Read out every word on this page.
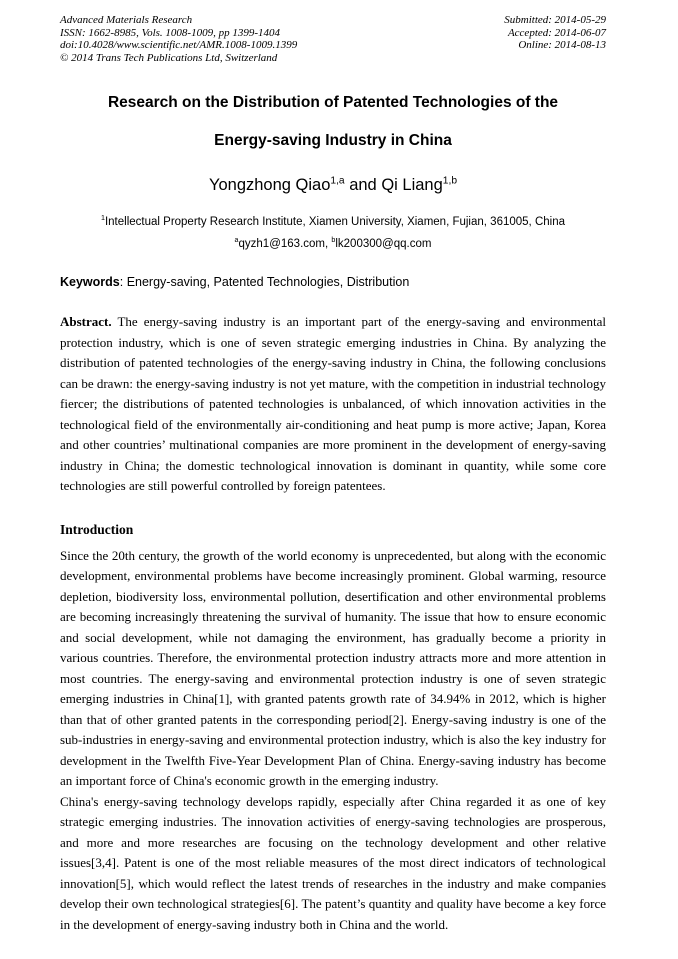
Advanced Materials Research
ISSN: 1662-8985, Vols. 1008-1009, pp 1399-1404
doi:10.4028/www.scientific.net/AMR.1008-1009.1399
© 2014 Trans Tech Publications Ltd, Switzerland
Submitted: 2014-05-29
Accepted: 2014-06-07
Online: 2014-08-13
Research on the Distribution of Patented Technologies of the
Energy-saving Industry in China
Yongzhong Qiao$^{1,a}$ and Qi Liang$^{1,b}$
$^1$Intellectual Property Research Institute, Xiamen University, Xiamen, Fujian, 361005, China
$^a$qyzh1@163.com, $^b$lk200300@qq.com
Keywords: Energy-saving, Patented Technologies, Distribution

Abstract. The energy-saving industry is an important part of the energy-saving and environmental protection industry, which is one of seven strategic emerging industries in China. By analyzing the distribution of patented technologies of the energy-saving industry in China, the following conclusions can be drawn: the energy-saving industry is not yet mature, with the competition in industrial technology fiercer; the distributions of patented technologies is unbalanced, of which innovation activities in the technological field of the environmentally air-conditioning and heat pump is more active; Japan, Korea and other countries’ multinational companies are more prominent in the development of energy-saving industry in China; the domestic technological innovation is dominant in quantity, while some core technologies are still powerful controlled by foreign patentees.

Introduction

Since the 20th century, the growth of the world economy is unprecedented, but along with the economic development, environmental problems have become increasingly prominent. Global warming, resource depletion, biodiversity loss, environmental pollution, desertification and other environmental problems are becoming increasingly threatening the survival of humanity. The issue that how to ensure economic and social development, while not damaging the environment, has gradually become a priority in various countries. Therefore, the environmental protection industry attracts more and more attention in most countries. The energy-saving and environmental protection industry is one of seven strategic emerging industries in China[1], with granted patents growth rate of 34.94% in 2012, which is higher than that of other granted patents in the corresponding period[2]. Energy-saving industry is one of the sub-industries in energy-saving and environmental protection industry, which is also the key industry for development in the Twelfth Five-Year Development Plan of China. Energy-saving industry has become an important force of China's economic growth in the emerging industry.

China's energy-saving technology develops rapidly, especially after China regarded it as one of key strategic emerging industries. The innovation activities of energy-saving technologies are prosperous, and more and more researches are focusing on the technology development and other relative issues[3,4]. Patent is one of the most reliable measures of the most direct indicators of technological innovation[5], which would reflect the latest trends of researches in the industry and make companies develop their own technological strategies[6]. The patent’s quantity and quality have become a key force in the development of energy-saving industry both in China and the world.
